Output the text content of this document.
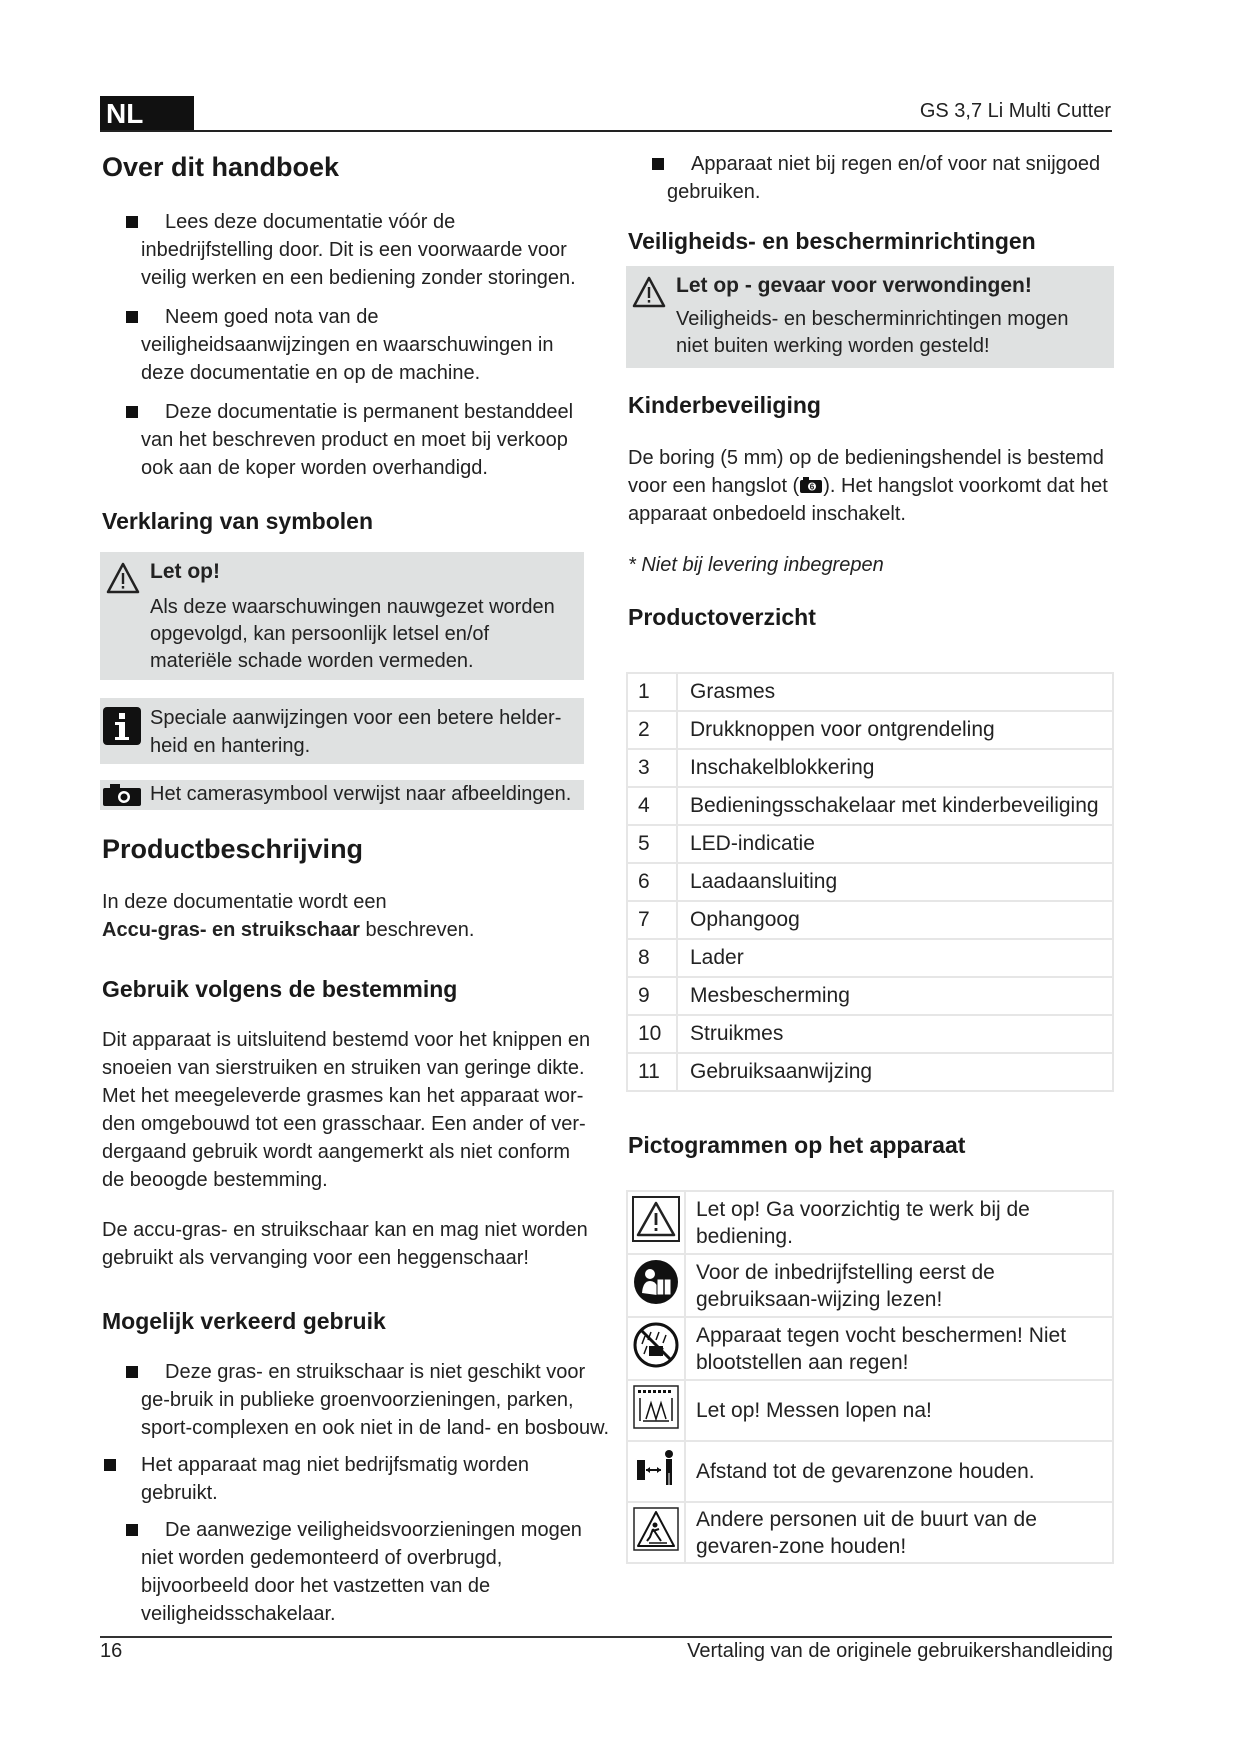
NL	GS 3,7 Li Multi Cutter
Over dit handboek
Lees deze documentatie vóór de inbedrijfstelling door. Dit is een voorwaarde voor veilig werken en een bediening zonder storingen.
Neem goed nota van de veiligheidsaanwijzingen en waarschuwingen in deze documentatie en op de machine.
Deze documentatie is permanent bestanddeel van het beschreven product en moet bij verkoop ook aan de koper worden overhandigd.
Verklaring van symbolen
Let op!
Als deze waarschuwingen nauwgezet worden opgevolgd, kan persoonlijk letsel en/of materiële schade worden vermeden.
Speciale aanwijzingen voor een betere helder-heid en hantering.
Het camerasymbool verwijst naar afbeeldingen.
Productbeschrijving
In deze documentatie wordt een
Accu-gras- en struikschaar beschreven.
Gebruik volgens de bestemming
Dit apparaat is uitsluitend bestemd voor het knippen en snoeien van sierstruiken en struiken van geringe dikte. Met het meegeleverde grasmes kan het apparaat wor-den omgebouwd tot een grasschaar. Een ander of ver-dergaand gebruik wordt aangemerkt als niet conform de beoogde bestemming.
De accu-gras- en struikschaar kan en mag niet worden gebruikt als vervanging voor een heggenschaar!
Mogelijk verkeerd gebruik
Deze gras- en struikschaar is niet geschikt voor ge-bruik in publieke groenvoorzieningen, parken, sport-complexen en ook niet in de land- en bosbouw.
Het apparaat mag niet bedrijfsmatig worden gebruikt.
De aanwezige veiligheidsvoorzieningen mogen niet worden gedemonteerd of overbrugd, bijvoorbeeld door het vastzetten van de veiligheidsschakelaar.
Apparaat niet bij regen en/of voor nat snijgoed gebruiken.
Veiligheids- en bescherminrichtingen
Let op - gevaar voor verwondingen!
Veiligheids- en bescherminrichtingen mogen niet buiten werking worden gesteld!
Kinderbeveiliging
De boring (5 mm) op de bedieningshendel is bestemd voor een hangslot ( 6 ). Het hangslot voorkomt dat het apparaat onbedoeld inschakelt.
* Niet bij levering inbegrepen
Productoverzicht
1	Grasmes
2	Drukknoppen voor ontgrendeling
3	Inschakelblokkering
4	Bedieningsschakelaar met kinderbeveiliging
5	LED-indicatie
6	Laadaansluiting
7	Ophangoog
8	Lader
9	Mesbescherming
10	Struikmes
11	Gebruiksaanwijzing
Pictogrammen op het apparaat
	Let op! Ga voorzichtig te werk bij de bediening.
	Voor de inbedrijfstelling eerst de gebruiksaan-wijzing lezen!
	Apparaat tegen vocht beschermen! Niet blootstellen aan regen!
	Let op! Messen lopen na!
	Afstand tot de gevarenzone houden.
	Andere personen uit de buurt van de gevaren-zone houden!
16	Vertaling van de originele gebruikershandleiding
